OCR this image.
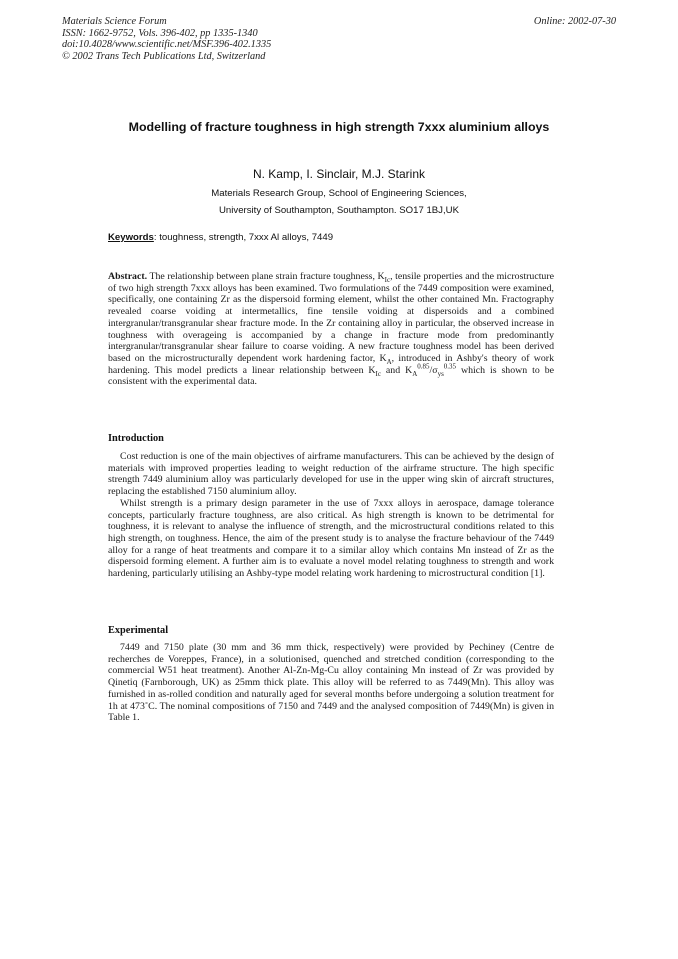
Materials Science Forum
ISSN: 1662-9752, Vols. 396-402, pp 1335-1340
doi:10.4028/www.scientific.net/MSF.396-402.1335
© 2002 Trans Tech Publications Ltd, Switzerland
Online: 2002-07-30
Modelling of fracture toughness in high strength 7xxx aluminium alloys
N. Kamp, I. Sinclair, M.J. Starink
Materials Research Group, School of Engineering Sciences,
University of Southampton, Southampton. SO17 1BJ,UK
Keywords: toughness, strength, 7xxx Al alloys, 7449

Abstract. The relationship between plane strain fracture toughness, $K_{Ic}$, tensile properties and the microstructure of two high strength 7xxx alloys has been examined. Two formulations of the 7449 composition were examined, specifically, one containing Zr as the dispersoid forming element, whilst the other contained Mn. Fractography revealed coarse voiding at intermetallics, fine tensile voiding at dispersoids and a combined intergranular/transgranular shear fracture mode. In the Zr containing alloy in particular, the observed increase in toughness with overageing is accompanied by a change in fracture mode from predominantly intergranular/transgranular shear failure to coarse voiding. A new fracture toughness model has been derived based on the microstructurally dependent work hardening factor, $K_A$, introduced in Ashby's theory of work hardening. This model predicts a linear relationship between $K_{Ic}$ and $K_A^{0.85}/\sigma_{ys}^{0.35}$ which is shown to be consistent with the experimental data.

Introduction

Cost reduction is one of the main objectives of airframe manufacturers. This can be achieved by the design of materials with improved properties leading to weight reduction of the airframe structure. The high specific strength 7449 aluminium alloy was particularly developed for use in the upper wing skin of aircraft structures, replacing the established 7150 aluminium alloy.

Whilst strength is a primary design parameter in the use of 7xxx alloys in aerospace, damage tolerance concepts, particularly fracture toughness, are also critical. As high strength is known to be detrimental for toughness, it is relevant to analyse the influence of strength, and the microstructural conditions related to this high strength, on toughness. Hence, the aim of the present study is to analyse the fracture behaviour of the 7449 alloy for a range of heat treatments and compare it to a similar alloy which contains Mn instead of Zr as the dispersoid forming element. A further aim is to evaluate a novel model relating toughness to strength and work hardening, particularly utilising an Ashby-type model relating work hardening to microstructural condition [1].

Experimental

7449 and 7150 plate (30 mm and 36 mm thick, respectively) were provided by Pechiney (Centre de recherches de Voreppes, France), in a solutionised, quenched and stretched condition (corresponding to the commercial W51 heat treatment). Another Al-Zn-Mg-Cu alloy containing Mn instead of Zr was provided by Qinetiq (Farnborough, UK) as 25mm thick plate. This alloy will be referred to as 7449(Mn). This alloy was furnished in as-rolled condition and naturally aged for several months before undergoing a solution treatment for 1h at 473˚C. The nominal compositions of 7150 and 7449 and the analysed composition of 7449(Mn) is given in Table 1.
